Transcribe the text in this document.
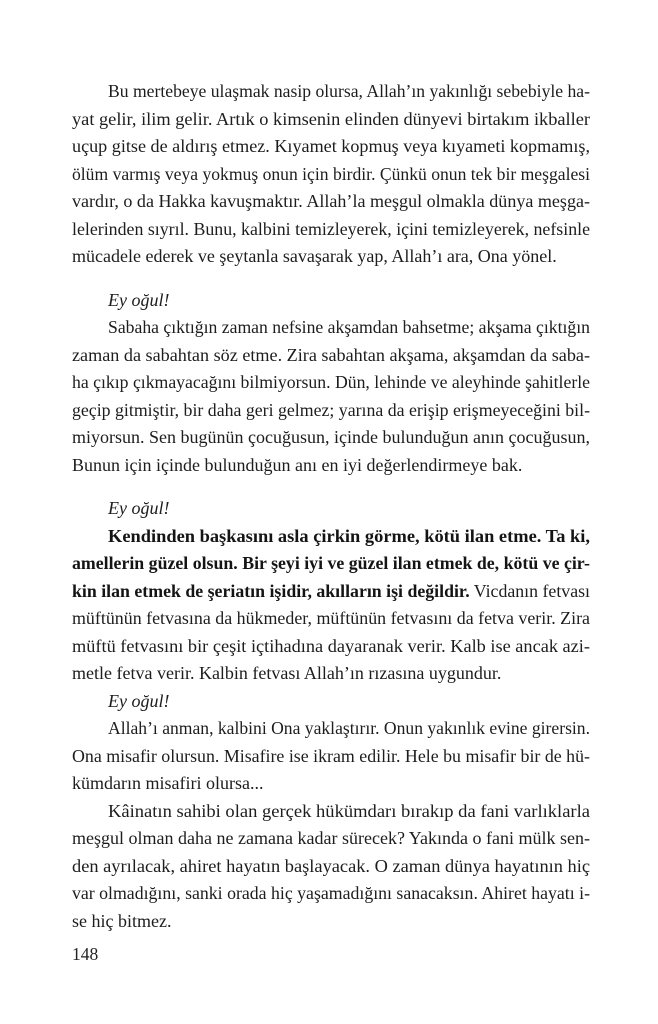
Bu mertebeye ulaşmak nasip olursa, Allah’ın yakınlığı sebebiyle ha-
yat gelir, ilim gelir. Artık o kimsenin elinden dünyevi birtakım ikballer
uçup gitse de aldırış etmez. Kıyamet kopmuş veya kıyameti kopmamış,
ölüm varmış veya yokmuş onun için birdir. Çünkü onun tek bir meşgalesi
vardır, o da Hakka kavuşmaktır. Allah’la meşgul olmakla dünya meşga-
lelerinden sıyrıl. Bunu, kalbini temizleyerek, içini temizleyerek, nefsinle
mücadele ederek ve şeytanla savaşarak yap, Allah’ı ara, Ona yönel.

Ey oğul!

Sabaha çıktığın zaman nefsine akşamdan bahsetme; akşama çıktığın
zaman da sabahtan söz etme. Zira sabahtan akşama, akşamdan da saba-
ha çıkıp çıkmayacağını bilmiyorsun. Dün, lehinde ve aleyhinde şahitlerle
geçip gitmiştir, bir daha geri gelmez; yarına da erişip erişmeyeceğini bil-
miyorsun. Sen bugünün çocuğusun, içinde bulunduğun anın çocuğusun,
Bunun için içinde bulunduğun anı en iyi değerlendirmeye bak.

Ey oğul!

Kendinden başkasını asla çirkin görme, kötü ilan etme. Ta ki,
amellerin güzel olsun. Bir şeyi iyi ve güzel ilan etmek de, kötü ve çir-
kin ilan etmek de şeriatın işidir, akılların işi değildir. Vicdanın fetvası
müftünün fetvasına da hükmeder, müftünün fetvasını da fetva verir. Zira
müftü fetvasını bir çeşit içtihadına dayaranak verir. Kalb ise ancak azi-
metle fetva verir. Kalbin fetvası Allah’ın rızasına uygundur.

Ey oğul!

Allah’ı anman, kalbini Ona yaklaştırır. Onun yakınlık evine girersin.
Ona misafir olursun. Misafire ise ikram edilir. Hele bu misafir bir de hü-
kümdarın misafiri olursa...

Kâinatın sahibi olan gerçek hükümdarı bırakıp da fani varlıklarla
meşgul olman daha ne zamana kadar sürecek? Yakında o fani mülk sen-
den ayrılacak, ahiret hayatın başlayacak. O zaman dünya hayatının hiç
var olmadığını, sanki orada hiç yaşamadığını sanacaksın. Ahiret hayatı i-
se hiç bitmez.

148
